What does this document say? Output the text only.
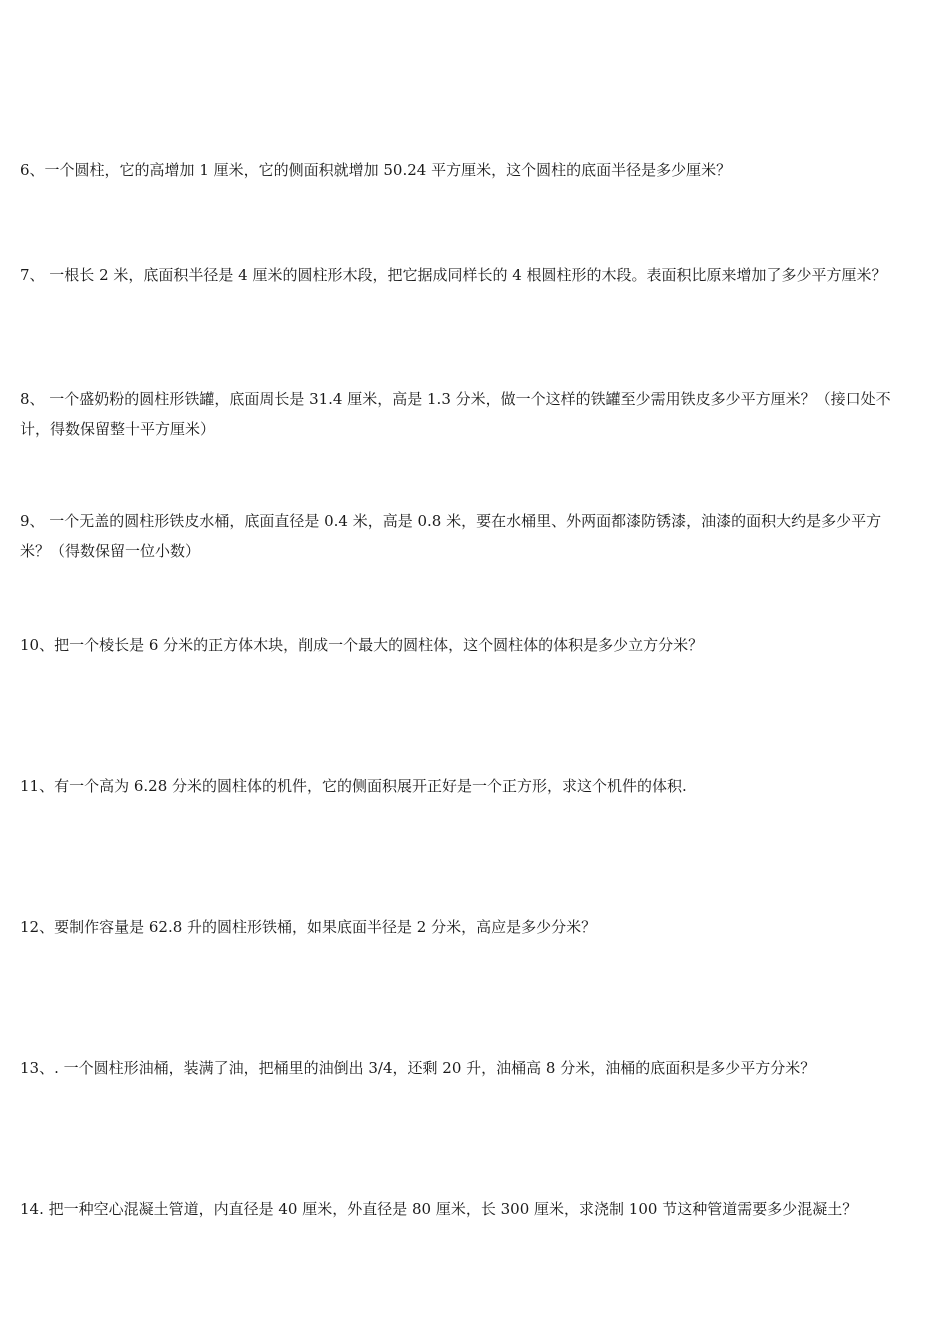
6、一个圆柱，它的高增加 1 厘米，它的侧面积就增加 50.24 平方厘米，这个圆柱的底面半径是多少厘米？

7、 一根长 2 米，底面积半径是 4 厘米的圆柱形木段，把它据成同样长的 4 根圆柱形的木段。表面积比原来增加了多少平方厘米？

8、 一个盛奶粉的圆柱形铁罐，底面周长是 31.4 厘米，高是 1.3 分米，做一个这样的铁罐至少需用铁皮多少平方厘米？（接口处不计，得数保留整十平方厘米）

9、 一个无盖的圆柱形铁皮水桶，底面直径是 0.4 米，高是 0.8 米，要在水桶里、外两面都漆防锈漆，油漆的面积大约是多少平方米？（得数保留一位小数）

10、把一个棱长是 6 分米的正方体木块，削成一个最大的圆柱体，这个圆柱体的体积是多少立方分米？

11、有一个高为 6.28 分米的圆柱体的机件，它的侧面积展开正好是一个正方形，求这个机件的体积.

12、要制作容量是 62.8 升的圆柱形铁桶，如果底面半径是 2 分米，高应是多少分米？

13、. 一个圆柱形油桶，装满了油，把桶里的油倒出 3/4，还剩 20 升，油桶高 8 分米，油桶的底面积是多少平方分米？

14. 把一种空心混凝土管道，内直径是 40 厘米，外直径是 80 厘米，长 300 厘米，求浇制 100 节这种管道需要多少混凝土？
